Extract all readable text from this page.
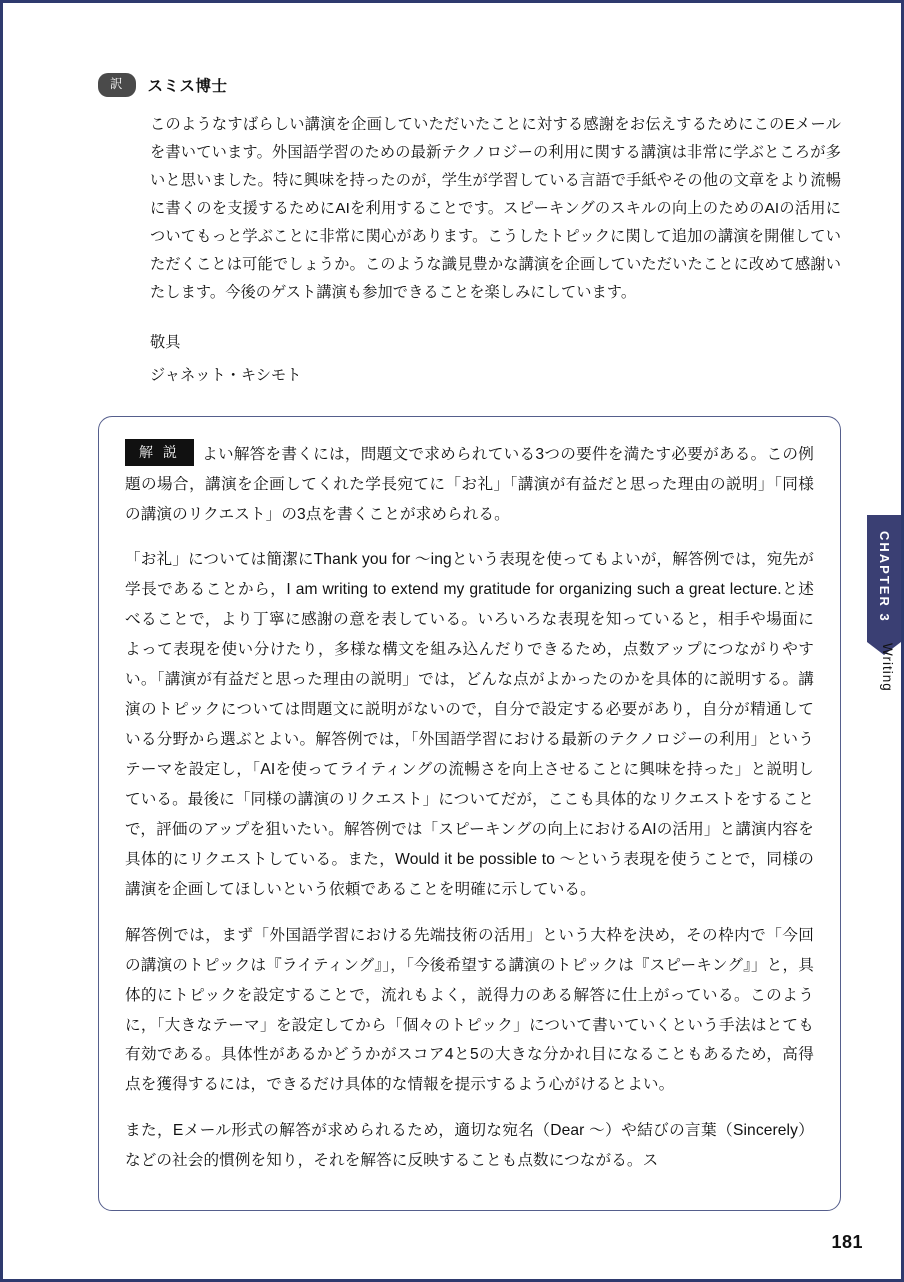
訳	スミス博士
このようなすばらしい講演を企画していただいたことに対する感謝をお伝えするためにこのEメールを書いています。外国語学習のための最新テクノロジーの利用に関する講演は非常に学ぶところが多いと思いました。特に興味を持ったのが，学生が学習している言語で手紙やその他の文章をより流暢に書くのを支援するためにAIを利用することです。スピーキングのスキルの向上のためのAIの活用についてもっと学ぶことに非常に関心があります。こうしたトピックに関して追加の講演を開催していただくことは可能でしょうか。このような識見豊かな講演を企画していただいたことに改めて感謝いたします。今後のゲスト講演も参加できることを楽しみにしています。
敬具
ジャネット・キシモト

解 説 よい解答を書くには，問題文で求められている3つの要件を満たす必要がある。この例題の場合，講演を企画してくれた学長宛てに「お礼」「講演が有益だと思った理由の説明」「同様の講演のリクエスト」の3点を書くことが求められる。

「お礼」については簡潔にThank you for 〜ingという表現を使ってもよいが，解答例では，宛先が学長であることから，I am writing to extend my gratitude for organizing such a great lecture.と述べることで，より丁寧に感謝の意を表している。いろいろな表現を知っていると，相手や場面によって表現を使い分けたり，多様な構文を組み込んだりできるため，点数アップにつながりやすい。「講演が有益だと思った理由の説明」では，どんな点がよかったのかを具体的に説明する。講演のトピックについては問題文に説明がないので，自分で設定する必要があり，自分が精通している分野から選ぶとよい。解答例では，「外国語学習における最新のテクノロジーの利用」というテーマを設定し，「AIを使ってライティングの流暢さを向上させることに興味を持った」と説明している。最後に「同様の講演のリクエスト」についてだが，ここも具体的なリクエストをすることで，評価のアップを狙いたい。解答例では「スピーキングの向上におけるAIの活用」と講演内容を具体的にリクエストしている。また，Would it be possible to 〜という表現を使うことで，同様の講演を企画してほしいという依頼であることを明確に示している。

解答例では，まず「外国語学習における先端技術の活用」という大枠を決め，その枠内で「今回の講演のトピックは『ライティング』」，「今後希望する講演のトピックは『スピーキング』」と，具体的にトピックを設定することで，流れもよく，説得力のある解答に仕上がっている。このように，「大きなテーマ」を設定してから「個々のトピック」について書いていくという手法はとても有効である。具体性があるかどうかがスコア4と5の大きな分かれ目になることもあるため，高得点を獲得するには，できるだけ具体的な情報を提示するよう心がけるとよい。

また，Eメール形式の解答が求められるため，適切な宛名（Dear 〜）や結びの言葉（Sincerely）などの社会的慣例を知り，それを解答に反映することも点数につながる。ス

CHAPTER 3
Writing
181
